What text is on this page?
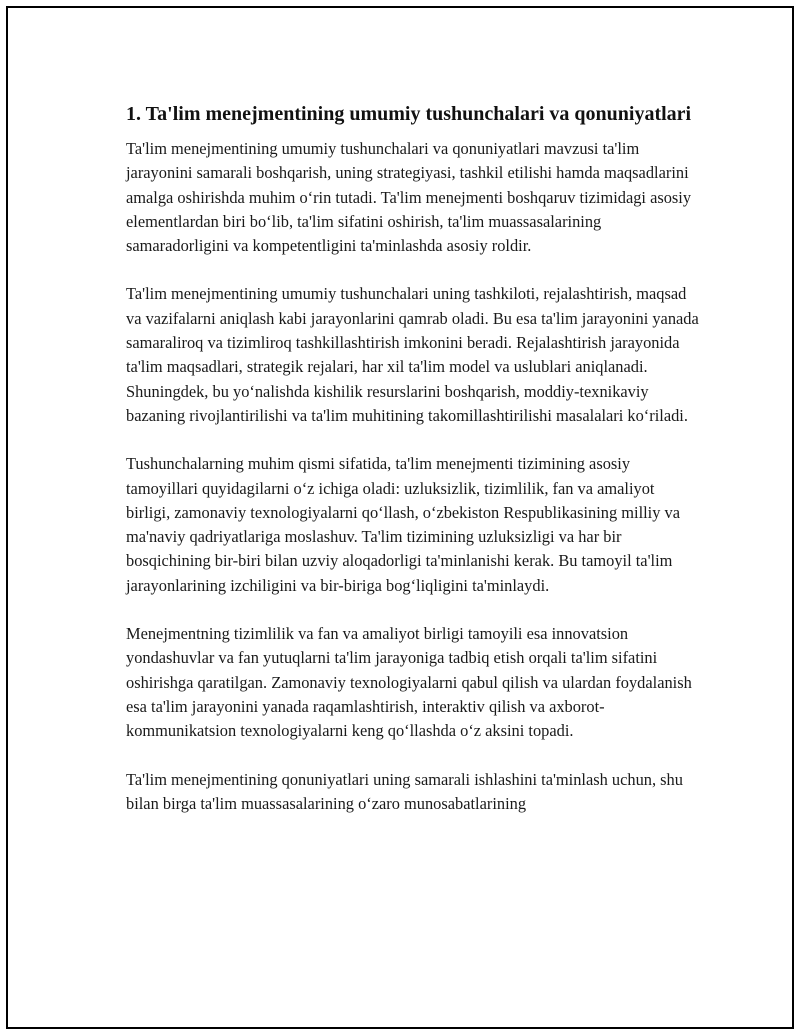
1. Ta'lim menejmentining umumiy tushunchalari va qonuniyatlari

Ta'lim menejmentining umumiy tushunchalari va qonuniyatlari mavzusi ta'lim jarayonini samarali boshqarish, uning strategiyasi, tashkil etilishi hamda maqsadlarini amalga oshirishda muhim o‘rin tutadi. Ta'lim menejmenti boshqaruv tizimidagi asosiy elementlardan biri bo‘lib, ta'lim sifatini oshirish, ta'lim muassasalarining samaradorligini va kompetentligini ta'minlashda asosiy roldir.

Ta'lim menejmentining umumiy tushunchalari uning tashkiloti, rejalashtirish, maqsad va vazifalarni aniqlash kabi jarayonlarini qamrab oladi. Bu esa ta'lim jarayonini yanada samaraliroq va tizimliroq tashkillashtirish imkonini beradi. Rejalashtirish jarayonida ta'lim maqsadlari, strategik rejalari, har xil ta'lim model va uslublari aniqlanadi. Shuningdek, bu yo‘nalishda kishilik resurslarini boshqarish, moddiy-texnikaviy bazaning rivojlantirilishi va ta'lim muhitining takomillashtirilishi masalalari ko‘riladi.

Tushunchalarning muhim qismi sifatida, ta'lim menejmenti tizimining asosiy tamoyillari quyidagilarni o‘z ichiga oladi: uzluksizlik, tizimlilik, fan va amaliyot birligi, zamonaviy texnologiyalarni qo‘llash, o‘zbekiston Respublikasining milliy va ma'naviy qadriyatlariga moslashuv. Ta'lim tizimining uzluksizligi va har bir bosqichining bir-biri bilan uzviy aloqadorligi ta'minlanishi kerak. Bu tamoyil ta'lim jarayonlarining izchiligini va bir-biriga bog‘liqligini ta'minlaydi.

Menejmentning tizimlilik va fan va amaliyot birligi tamoyili esa innovatsion yondashuvlar va fan yutuqlarni ta'lim jarayoniga tadbiq etish orqali ta'lim sifatini oshirishga qaratilgan. Zamonaviy texnologiyalarni qabul qilish va ulardan foydalanish esa ta'lim jarayonini yanada raqamlashtirish, interaktiv qilish va axborot-kommunikatsion texnologiyalarni keng qo‘llashda o‘z aksini topadi.

Ta'lim menejmentining qonuniyatlari uning samarali ishlashini ta'minlash uchun, shu bilan birga ta'lim muassasalarining o‘zaro munosabatlarining
